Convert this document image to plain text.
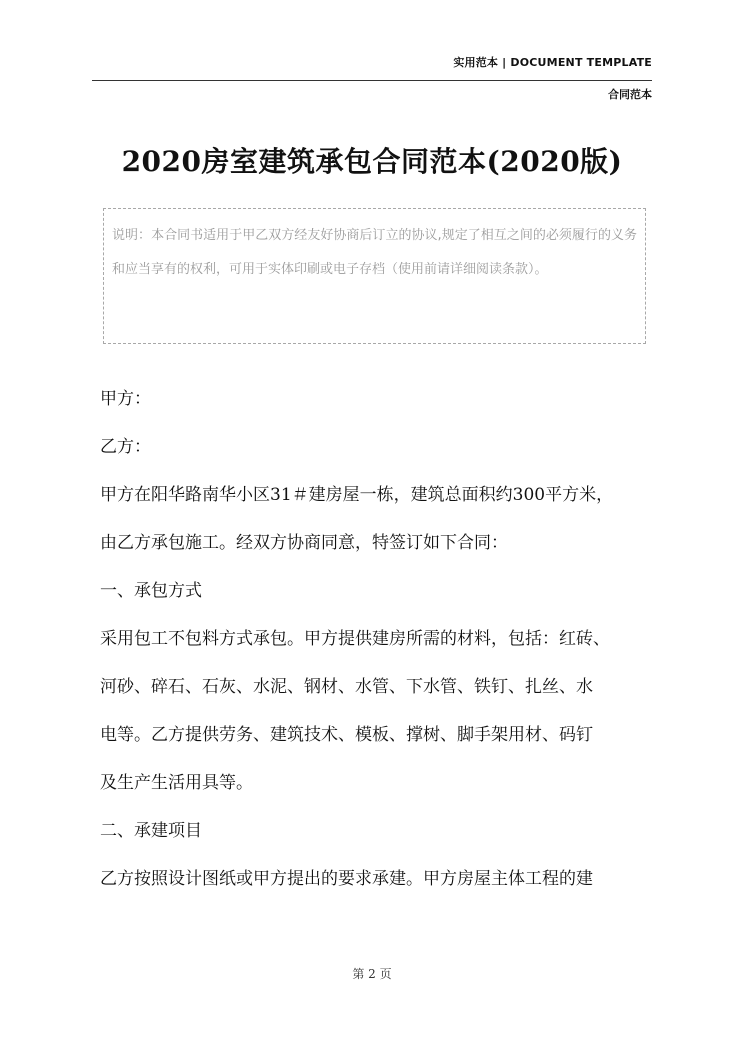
实用范本 | DOCUMENT TEMPLATE
合同范本
2020房室建筑承包合同范本(2020版)
说明：本合同书适用于甲乙双方经友好协商后订立的协议,规定了相互之间的必须履行的义务和应当享有的权利，可用于实体印刷或电子存档（使用前请详细阅读条款）。
甲方：
乙方：
甲方在阳华路南华小区31＃建房屋一栋，建筑总面积约300平方米，
由乙方承包施工。经双方协商同意，特签订如下合同：
一、承包方式
采用包工不包料方式承包。甲方提供建房所需的材料，包括：红砖、
河砂、碎石、石灰、水泥、钢材、水管、下水管、铁钉、扎丝、水
电等。乙方提供劳务、建筑技术、模板、撑树、脚手架用材、码钉
及生产生活用具等。
二、承建项目
乙方按照设计图纸或甲方提出的要求承建。甲方房屋主体工程的建
第 2 页
